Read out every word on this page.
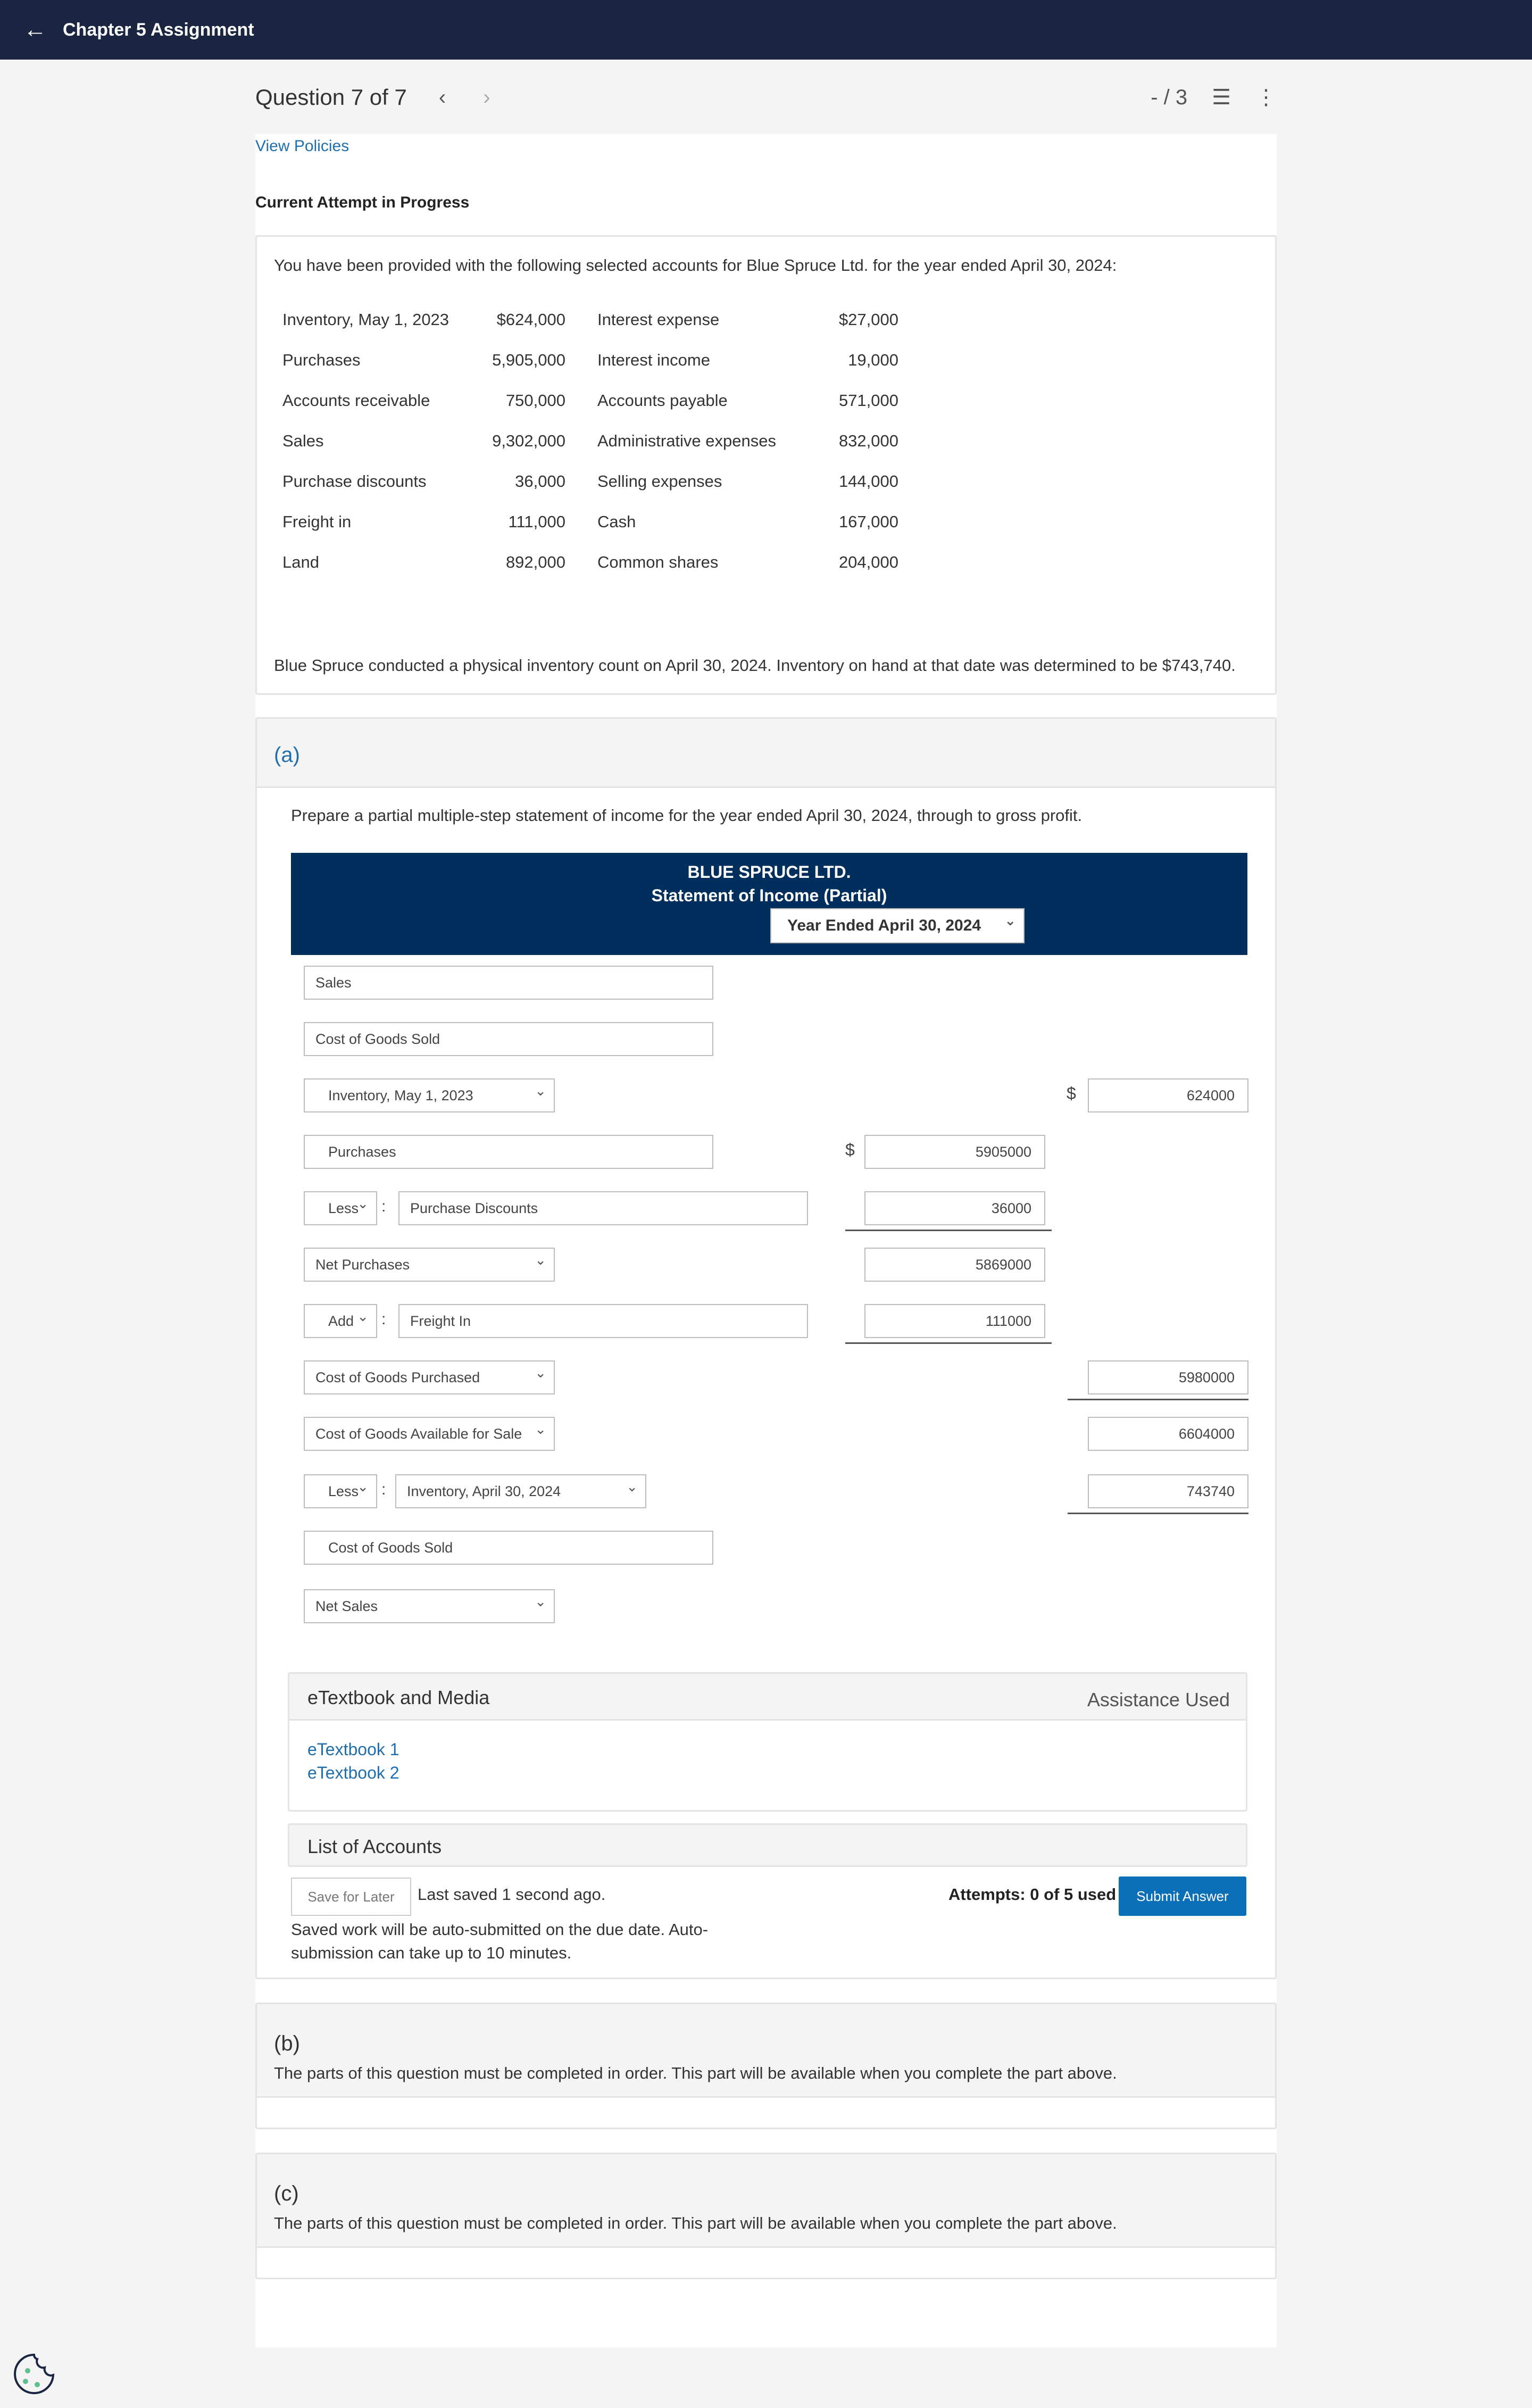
← Chapter 5 Assignment
Question 7 of 7 ‹ ›	- / 3 ☰ ⋮
View Policies
Current Attempt in Progress
You have been provided with the following selected accounts for Blue Spruce Ltd. for the year ended April 30, 2024:
Inventory, May 1, 2023	$624,000 Interest expense	$27,000
Purchases	5,905,000 Interest income	19,000
Accounts receivable	750,000 Accounts payable	571,000
Sales	9,302,000 Administrative expenses	832,000
Purchase discounts	36,000 Selling expenses	144,000
Freight in	111,000 Cash	167,000
Land	892,000 Common shares	204,000
Blue Spruce conducted a physical inventory count on April 30, 2024. Inventory on hand at that date was determined to be $743,740.
(a)
Prepare a partial multiple-step statement of income for the year ended April 30, 2024, through to gross profit.
BLUE SPRUCE LTD.
Statement of Income (Partial)
Year Ended April 30, 2024 ⌄
Sales
Cost of Goods Sold
Inventory, May 1, 2023 ⌄	$	624000
Purchases	$	5905000
Less ⌄	:	Purchase Discounts	36000
Net Purchases ⌄	5869000
Add ⌄	:	Freight In	111000
Cost of Goods Purchased ⌄	5980000
Cost of Goods Available for Sale ⌄	6604000
Less ⌄	:	Inventory, April 30, 2024 ⌄	743740
Cost of Goods Sold
Net Sales ⌄
eTextbook and Media	Assistance Used
eTextbook 1
eTextbook 2
List of Accounts
Save for Later	Last saved 1 second ago.
Saved work will be auto-submitted on the due date. Auto-submission can take up to 10 minutes.
Attempts: 0 of 5 used	Submit Answer
(b)
The parts of this question must be completed in order. This part will be available when you complete the part above.
(c)
The parts of this question must be completed in order. This part will be available when you complete the part above.
